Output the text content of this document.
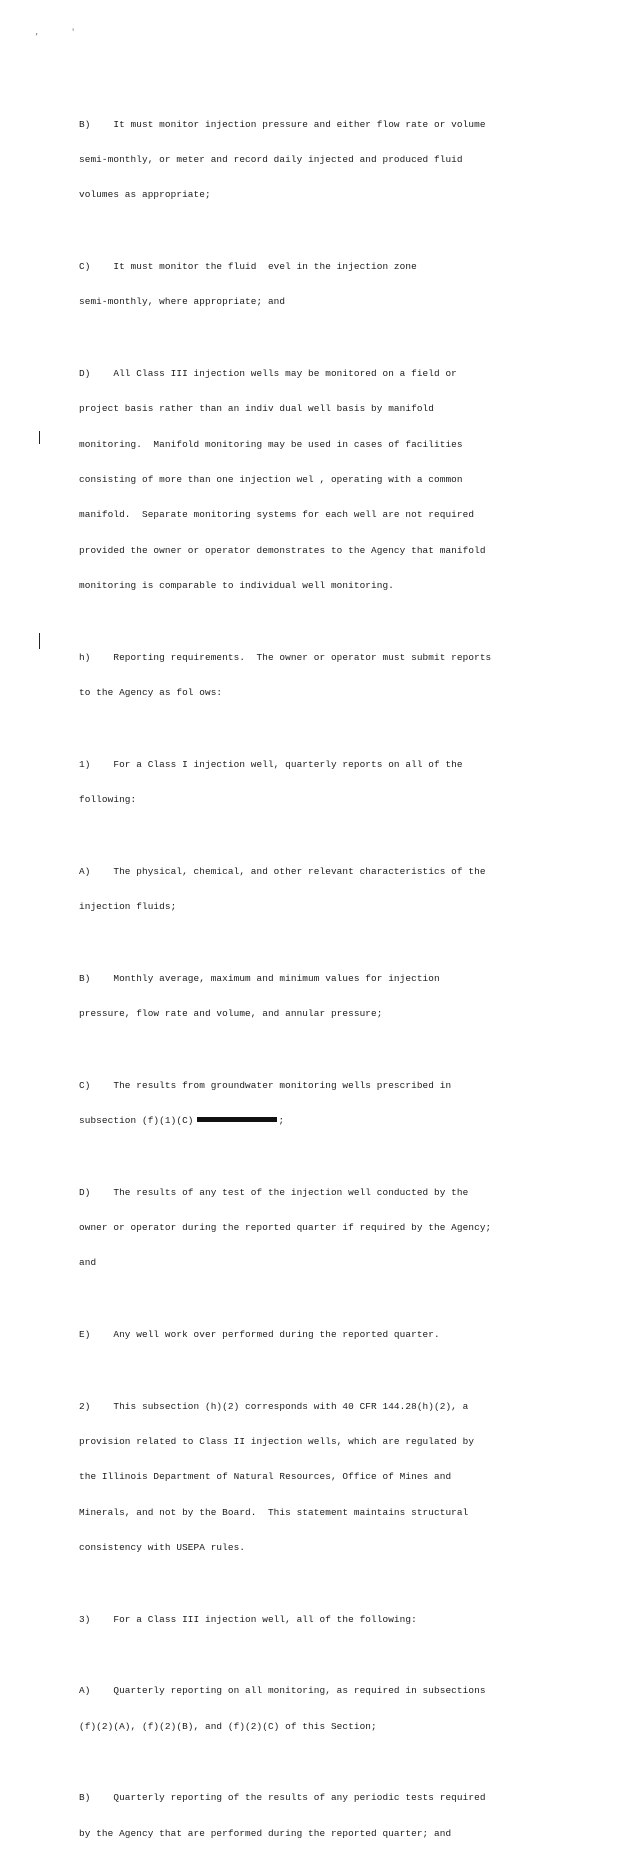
,	'

B)    It must monitor injection pressure and either flow rate or volume

semi-monthly, or meter and record daily injected and produced fluid

volumes as appropriate;

C)    It must monitor the fluid  evel in the injection zone

semi-monthly, where appropriate; and

D)    All Class III injection wells may be monitored on a field or

project basis rather than an indiv dual well basis by manifold

monitoring.  Manifold monitoring may be used in cases of facilities

consisting of more than one injection wel , operating with a common

manifold.  Separate monitoring systems for each well are not required

provided the owner or operator demonstrates to the Agency that manifold

monitoring is comparable to individual well monitoring.

h)    Reporting requirements.  The owner or operator must submit reports

to the Agency as fol ows:

1)    For a Class I injection well, quarterly reports on all of the

following:

A)    The physical, chemical, and other relevant characteristics of the

injection fluids;

B)    Monthly average, maximum and minimum values for injection

pressure, flow rate and volume, and annular pressure;

C)    The results from groundwater monitoring wells prescribed in

subsection (f)(1)(C)	;

D)    The results of any test of the injection well conducted by the

owner or operator during the reported quarter if required by the Agency;

and

E)    Any well work over performed during the reported quarter.

2)    This subsection (h)(2) corresponds with 40 CFR 144.28(h)(2), a

provision related to Class II injection wells, which are regulated by

the Illinois Department of Natural Resources, Office of Mines and

Minerals, and not by the Board.  This statement maintains structural

consistency with USEPA rules.

3)    For a Class III injection well, all of the following:

A)    Quarterly reporting on all monitoring, as required in subsections

(f)(2)(A), (f)(2)(B), and (f)(2)(C) of this Section;

B)    Quarterly reporting of the results of any periodic tests required

by the Agency that are performed during the reported quarter; and
